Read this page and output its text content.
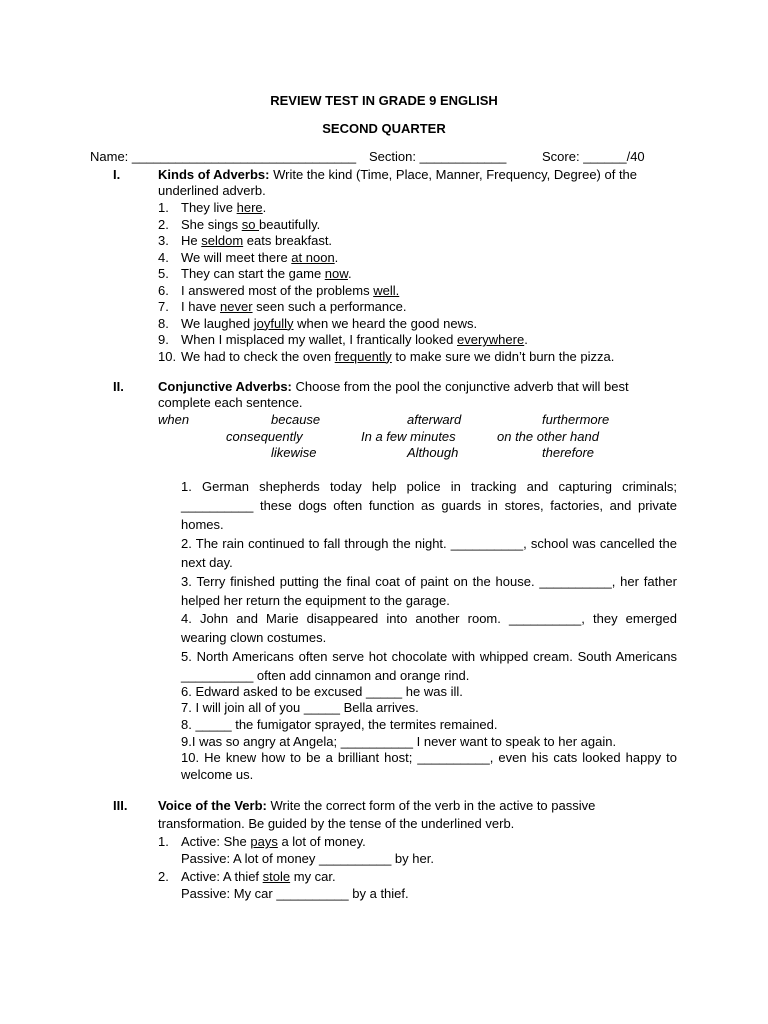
REVIEW TEST IN GRADE 9 ENGLISH
SECOND QUARTER
Name: _______________________________ Section: ____________	Score: ______/40
I.	Kinds of Adverbs: Write the kind (Time, Place, Manner, Frequency, Degree) of the
underlined adverb.
1. They live here.
2. She sings so beautifully.
3. He seldom eats breakfast.
4. We will meet there at noon.
5. They can start the game now.
6. I answered most of the problems well.
7. I have never seen such a performance.
8. We laughed joyfully when we heard the good news.
9. When I misplaced my wallet, I frantically looked everywhere.
10. We had to check the oven frequently to make sure we didn’t burn the pizza.
II.	Conjunctive Adverbs: Choose from the pool the conjunctive adverb that will best
complete each sentence.
when	because	afterward	furthermore
consequently	In a few minutes	on the other hand
likewise	Although	therefore
1. German shepherds today help police in tracking and capturing criminals; __________ these dogs often function as guards in stores, factories, and private homes.
2. The rain continued to fall through the night. __________, school was cancelled the next day.
3. Terry finished putting the final coat of paint on the house. __________, her father helped her return the equipment to the garage.
4. John and Marie disappeared into another room. __________, they emerged wearing clown costumes.
5. North Americans often serve hot chocolate with whipped cream. South Americans __________ often add cinnamon and orange rind.
6. Edward asked to be excused _____ he was ill.
7. I will join all of you _____ Bella arrives.
8. _____ the fumigator sprayed, the termites remained.
9.I was so angry at Angela; __________ I never want to speak to her again.
10. He knew how to be a brilliant host; __________, even his cats looked happy to welcome us.
III. Voice of the Verb: Write the correct form of the verb in the active to passive
transformation. Be guided by the tense of the underlined verb.
1. Active: She pays a lot of money.
Passive: A lot of money __________ by her.
2. Active: A thief stole my car.
Passive: My car __________ by a thief.
